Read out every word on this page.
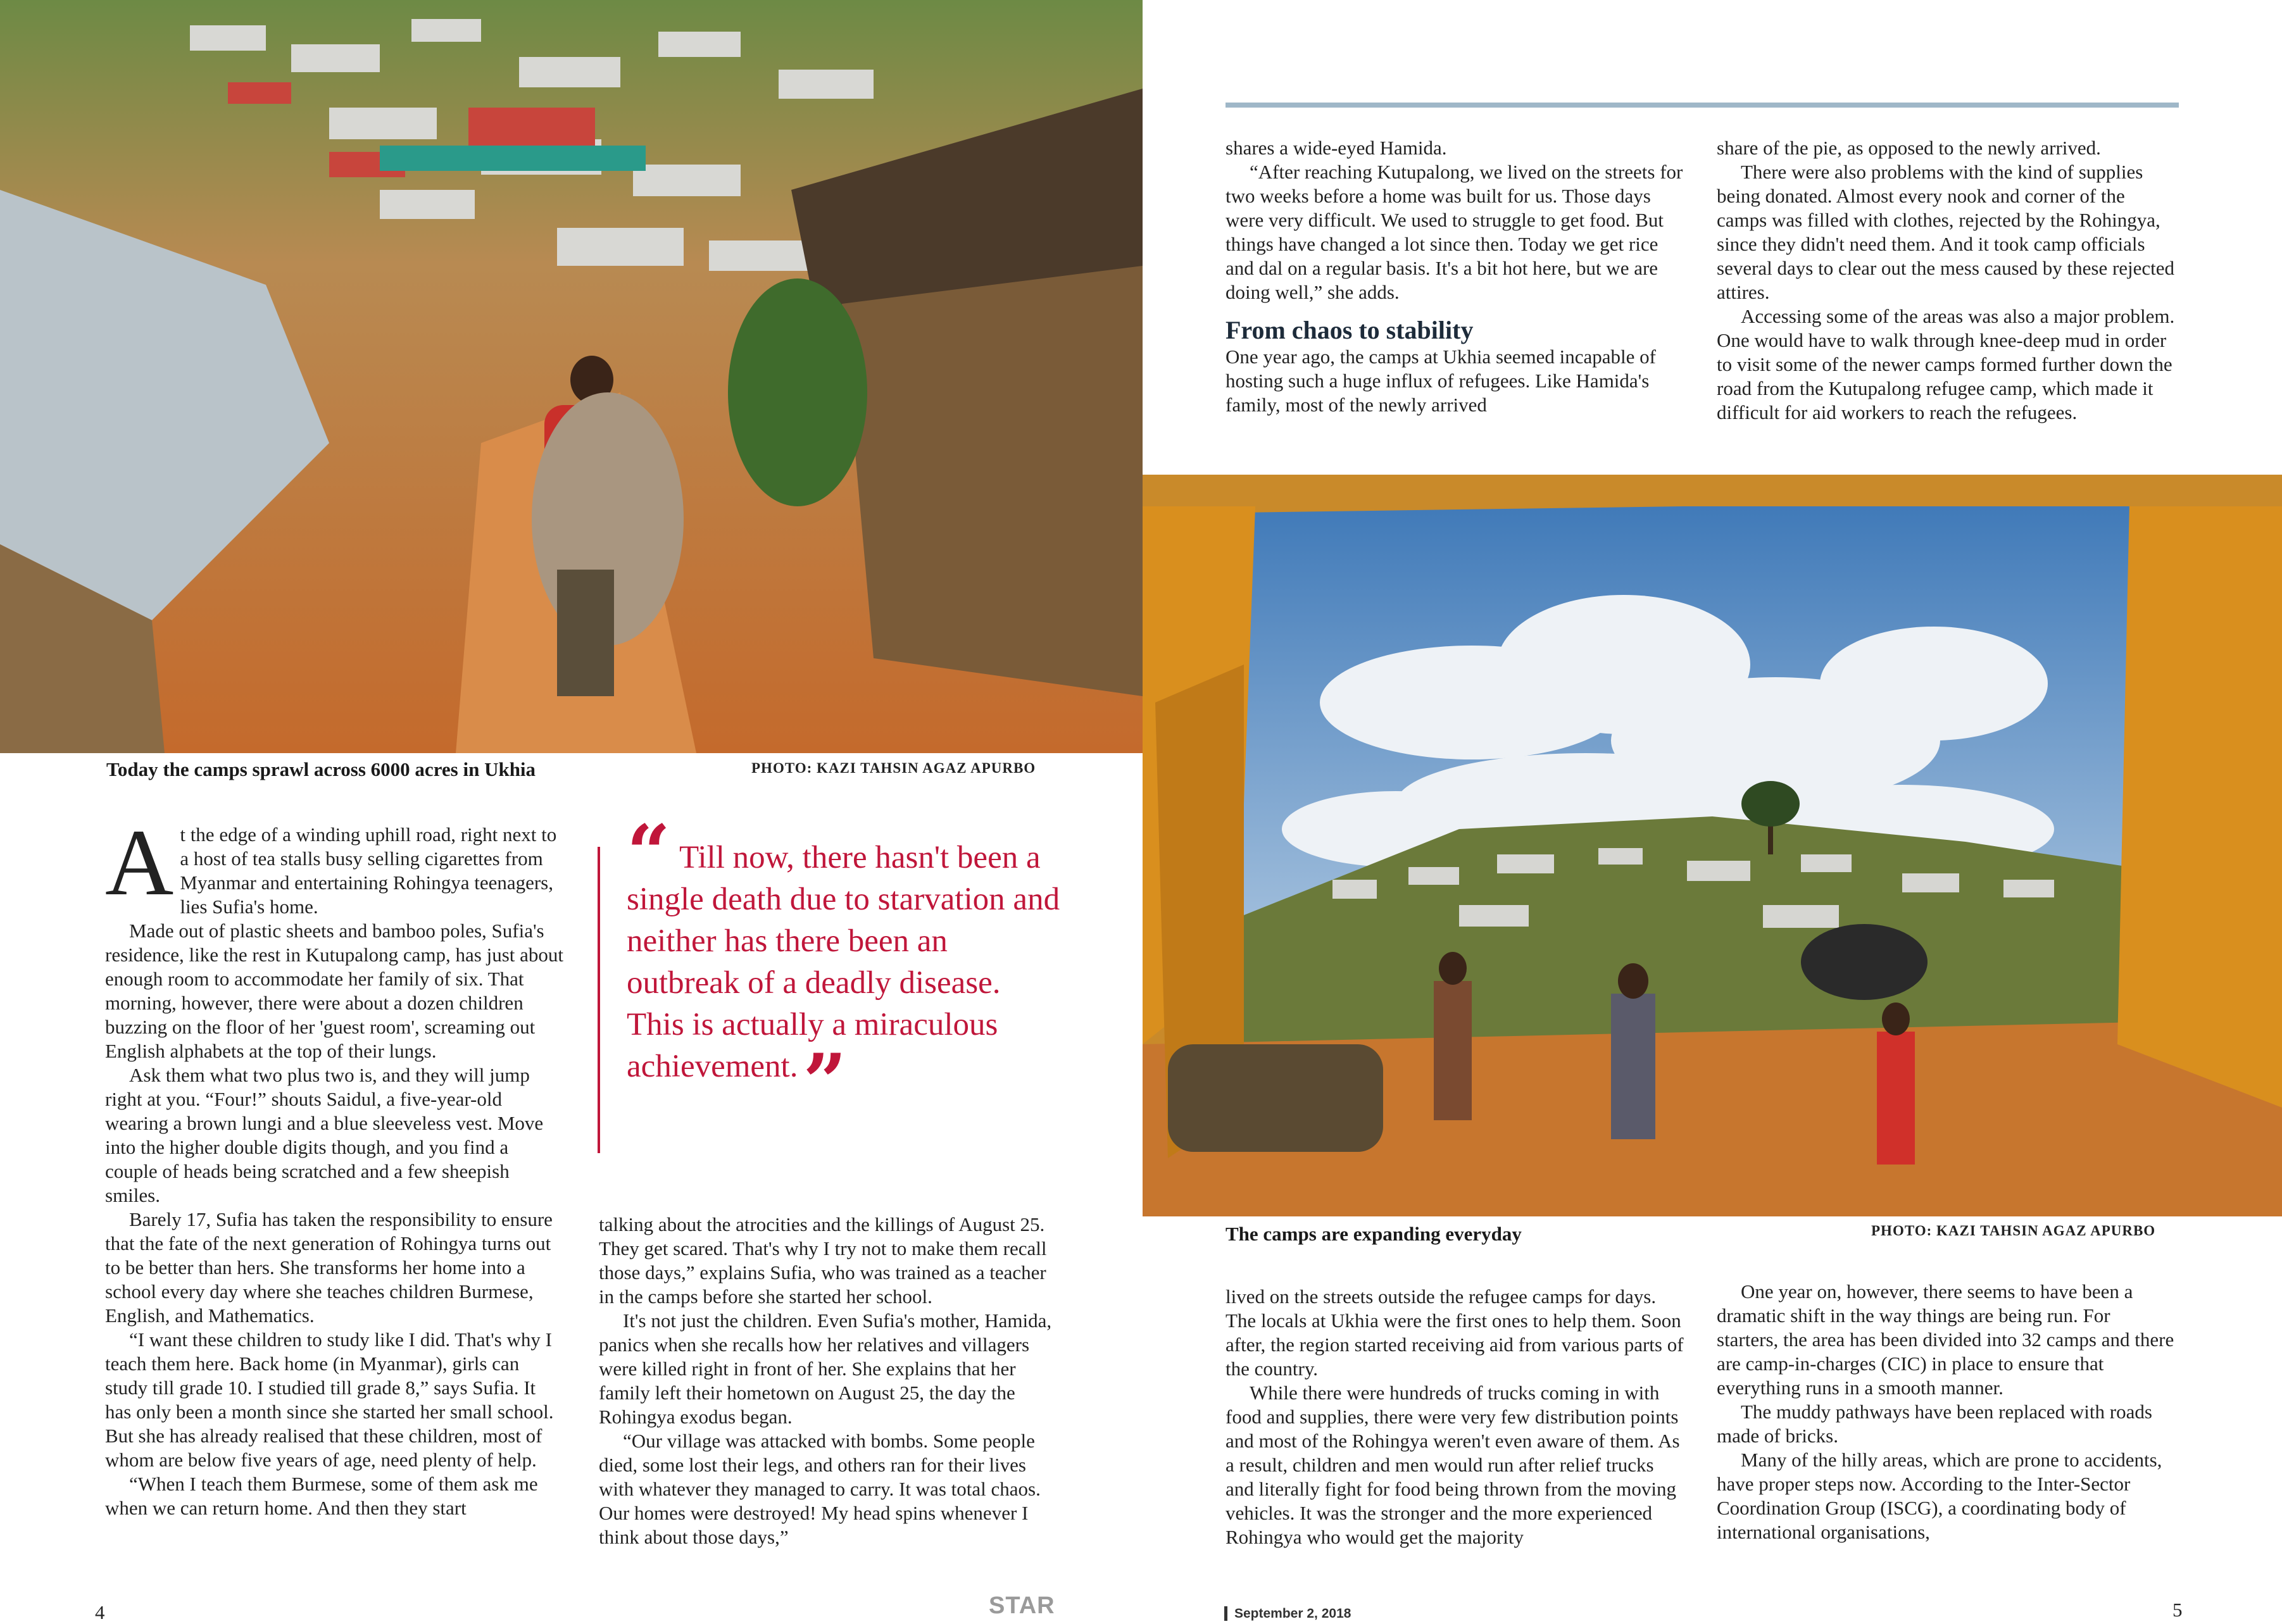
Today the camps sprawl across 6000 acres in Ukhia	PHOTO: KAZI TAHSIN AGAZ APURBO
A t the edge of a winding uphill road, right next to a host of tea stalls busy selling cigarettes from Myanmar and entertaining Rohingya teenagers, lies Sufia's home.

Made out of plastic sheets and bamboo poles, Sufia's residence, like the rest in Kutupalong camp, has just about enough room to accommodate her family of six. That morning, however, there were about a dozen children buzzing on the floor of her 'guest room', screaming out English alphabets at the top of their lungs.

Ask them what two plus two is, and they will jump right at you. “Four!” shouts Saidul, a five-year-old wearing a brown lungi and a blue sleeveless vest. Move into the higher double digits though, and you find a couple of heads being scratched and a few sheepish smiles.

Barely 17, Sufia has taken the responsibility to ensure that the fate of the next generation of Rohingya turns out to be better than hers. She transforms her home into a school every day where she teaches children Burmese, English, and Mathematics.

“I want these children to study like I did. That's why I teach them here. Back home (in Myanmar), girls can study till grade 10. I studied till grade 8,” says Sufia. It has only been a month since she started her small school. But she has already realised that these children, most of whom are below five years of age, need plenty of help.

“When I teach them Burmese, some of them ask me when we can return home. And then they start

“ Till now, there hasn't been a single death due to starvation and neither has there been an outbreak of a deadly disease. This is actually a miraculous achievement.”

talking about the atrocities and the killings of August 25. They get scared. That's why I try not to make them recall those days,” explains Sufia, who was trained as a teacher in the camps before she started her school.

It's not just the children. Even Sufia's mother, Hamida, panics when she recalls how her relatives and villagers were killed right in front of her. She explains that her family left their hometown on August 25, the day the Rohingya exodus began.

“Our village was attacked with bombs. Some people died, some lost their legs, and others ran for their lives with whatever they managed to carry. It was total chaos. Our homes were destroyed! My head spins whenever I think about those days,”

4	STAR

shares a wide-eyed Hamida.

“After reaching Kutupalong, we lived on the streets for two weeks before a home was built for us. Those days were very difficult. We used to struggle to get food. But things have changed a lot since then. Today we get rice and dal on a regular basis. It's a bit hot here, but we are doing well,” she adds.

From chaos to stability

One year ago, the camps at Ukhia seemed incapable of hosting such a huge influx of refugees. Like Hamida's family, most of the newly arrived

share of the pie, as opposed to the newly arrived.

There were also problems with the kind of supplies being donated. Almost every nook and corner of the camps was filled with clothes, rejected by the Rohingya, since they didn't need them. And it took camp officials several days to clear out the mess caused by these rejected attires.

Accessing some of the areas was also a major problem. One would have to walk through knee-deep mud in order to visit some of the newer camps formed further down the road from the Kutupalong refugee camp, which made it difficult for aid workers to reach the refugees.

The camps are expanding everyday	PHOTO: KAZI TAHSIN AGAZ APURBO

lived on the streets outside the refugee camps for days. The locals at Ukhia were the first ones to help them. Soon after, the region started receiving aid from various parts of the country.

While there were hundreds of trucks coming in with food and supplies, there were very few distribution points and most of the Rohingya weren't even aware of them. As a result, children and men would run after relief trucks and literally fight for food being thrown from the moving vehicles. It was the stronger and the more experienced Rohingya who would get the majority

One year on, however, there seems to have been a dramatic shift in the way things are being run. For starters, the area has been divided into 32 camps and there are camp-in-charges (CIC) in place to ensure that everything runs in a smooth manner.

The muddy pathways have been replaced with roads made of bricks.

Many of the hilly areas, which are prone to accidents, have proper steps now. According to the Inter-Sector Coordination Group (ISCG), a coordinating body of international organisations,

September 2, 2018	5
